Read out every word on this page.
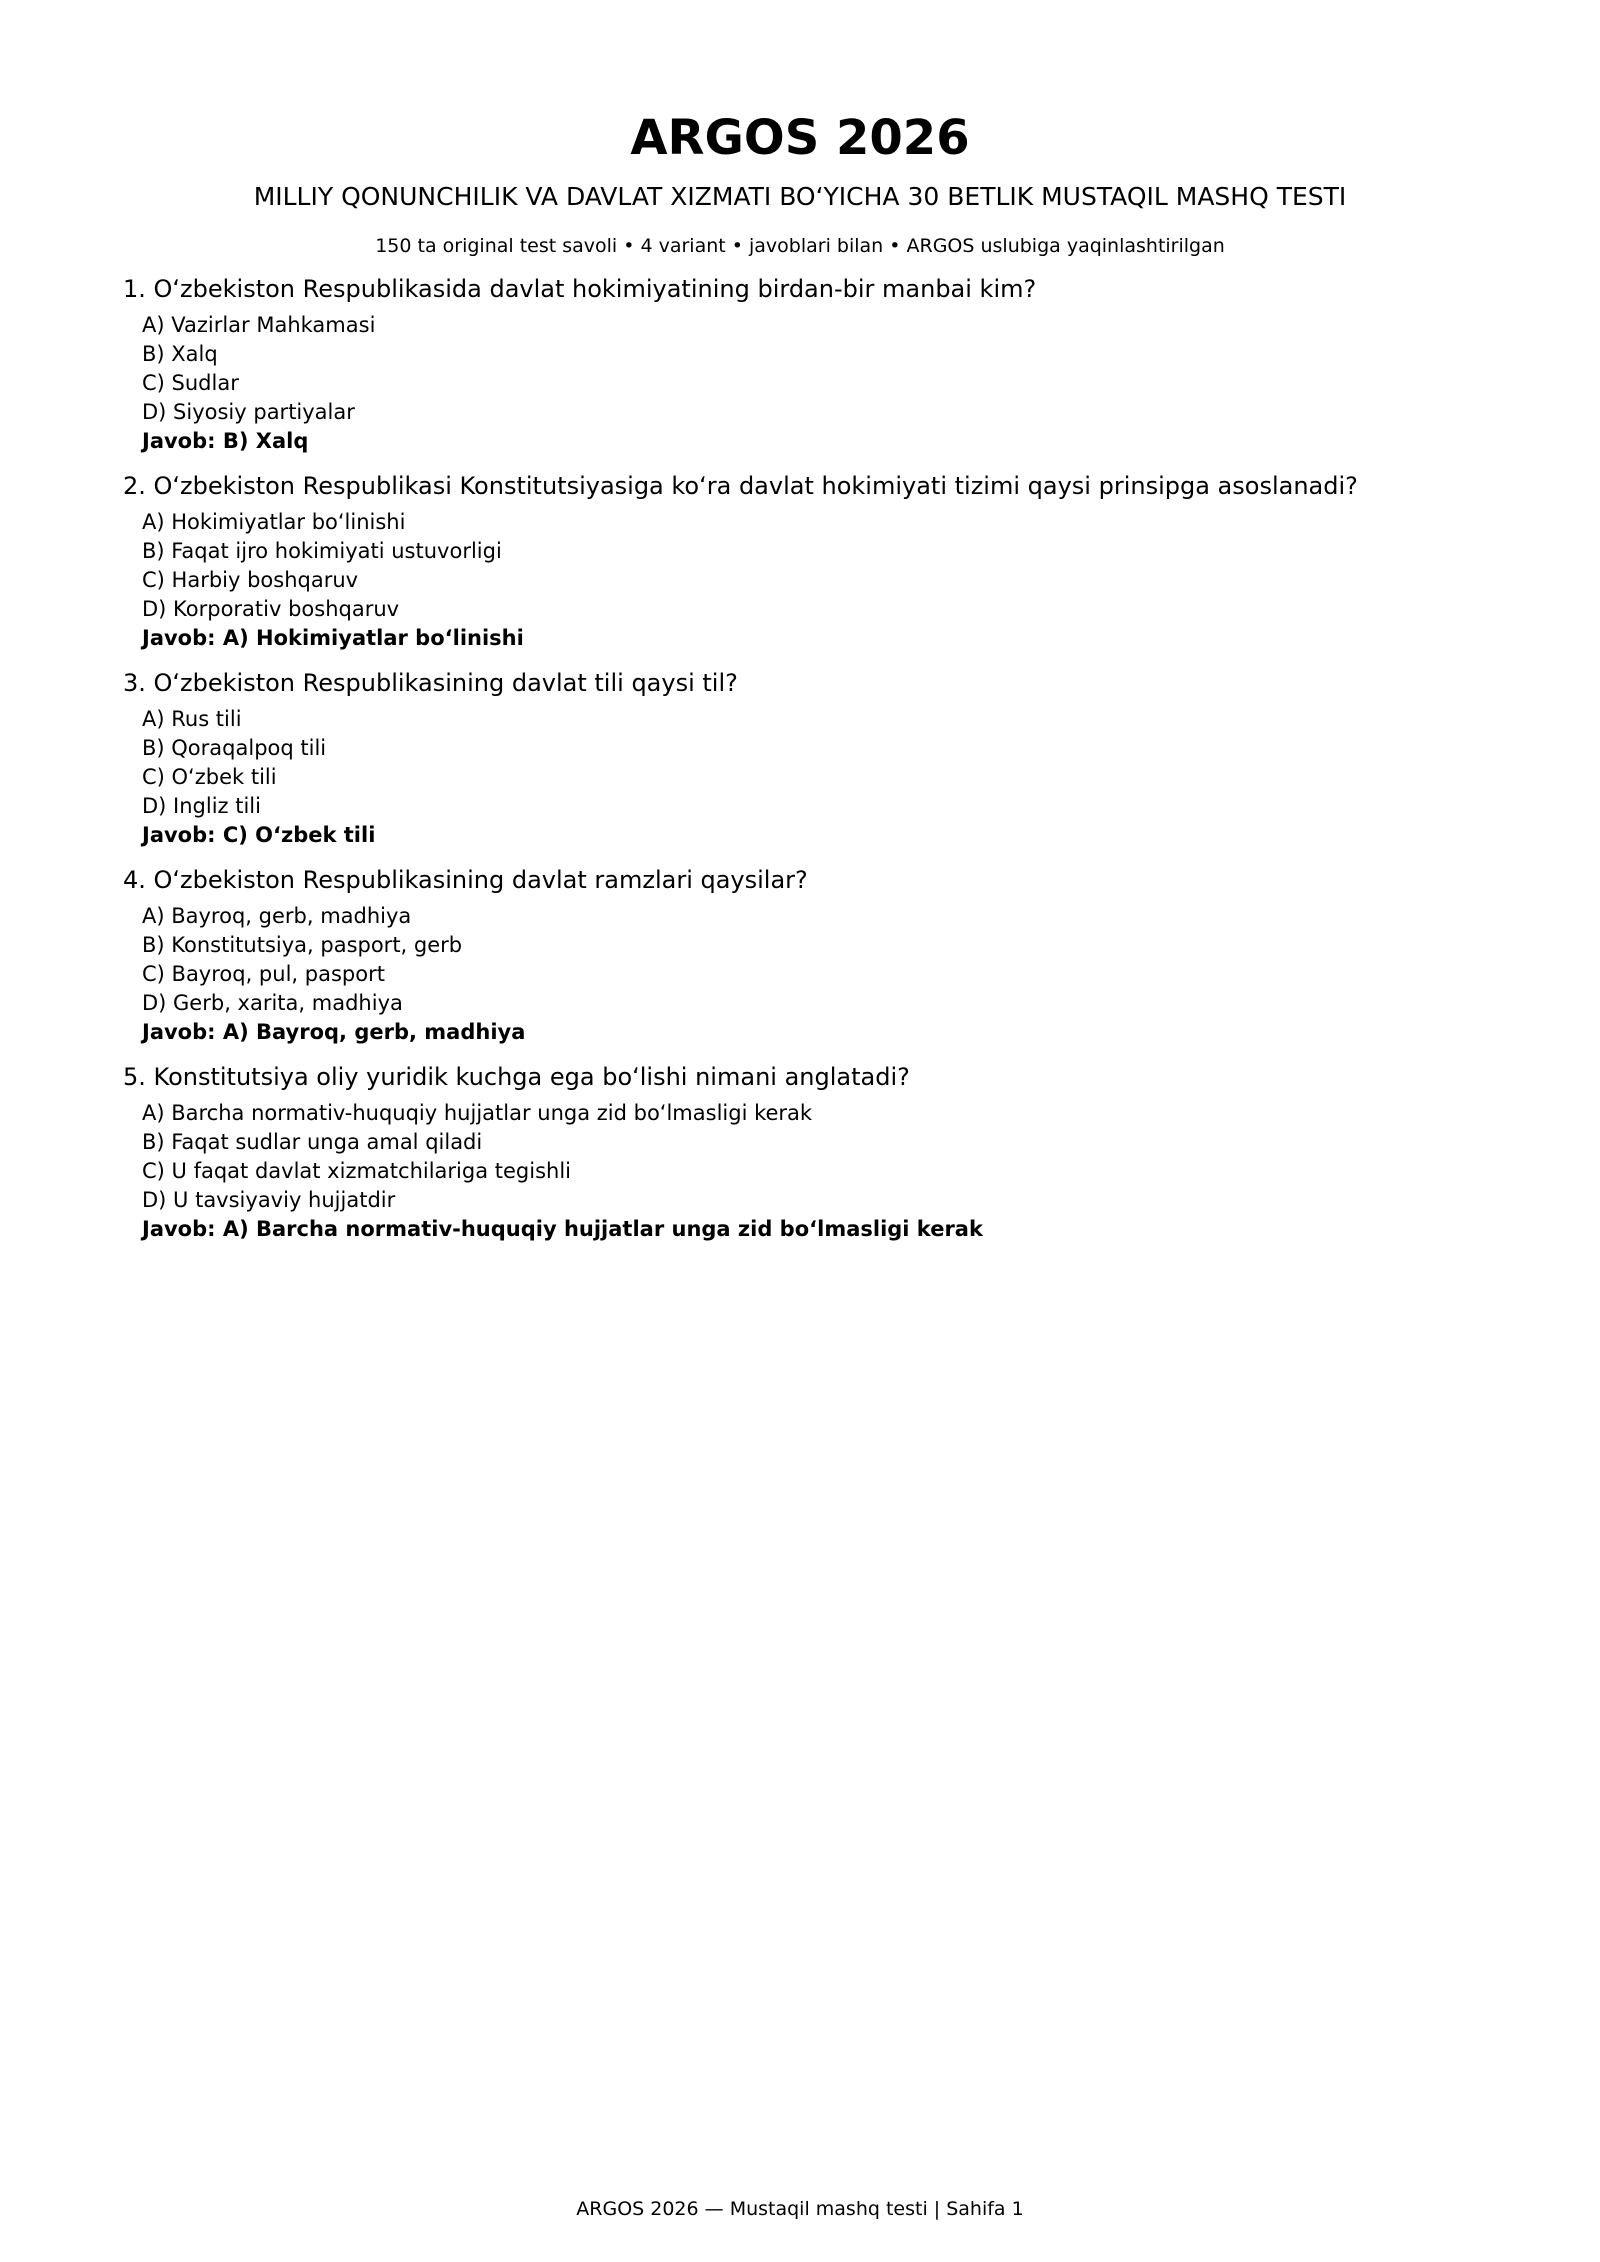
ARGOS 2026

MILLIY QONUNCHILIK VA DAVLAT XIZMATI BOʻYICHA 30 BETLIK MUSTAQIL MASHQ TESTI

150 ta original test savoli • 4 variant • javoblari bilan • ARGOS uslubiga yaqinlashtirilgan

1. Oʻzbekiston Respublikasida davlat hokimiyatining birdan-bir manbai kim?

A) Vazirlar Mahkamasi

B) Xalq

C) Sudlar

D) Siyosiy partiyalar

Javob: B) Xalq

2. Oʻzbekiston Respublikasi Konstitutsiyasiga koʻra davlat hokimiyati tizimi qaysi prinsipga asoslanadi?

A) Hokimiyatlar boʻlinishi

B) Faqat ijro hokimiyati ustuvorligi

C) Harbiy boshqaruv

D) Korporativ boshqaruv

Javob: A) Hokimiyatlar boʻlinishi

3. Oʻzbekiston Respublikasining davlat tili qaysi til?

A) Rus tili

B) Qoraqalpoq tili

C) Oʻzbek tili

D) Ingliz tili

Javob: C) Oʻzbek tili

4. Oʻzbekiston Respublikasining davlat ramzlari qaysilar?

A) Bayroq, gerb, madhiya

B) Konstitutsiya, pasport, gerb

C) Bayroq, pul, pasport

D) Gerb, xarita, madhiya

Javob: A) Bayroq, gerb, madhiya

5. Konstitutsiya oliy yuridik kuchga ega boʻlishi nimani anglatadi?

A) Barcha normativ-huquqiy hujjatlar unga zid boʻlmasligi kerak

B) Faqat sudlar unga amal qiladi

C) U faqat davlat xizmatchilariga tegishli

D) U tavsiyaviy hujjatdir

Javob: A) Barcha normativ-huquqiy hujjatlar unga zid boʻlmasligi kerak

ARGOS 2026 — Mustaqil mashq testi | Sahifa 1
